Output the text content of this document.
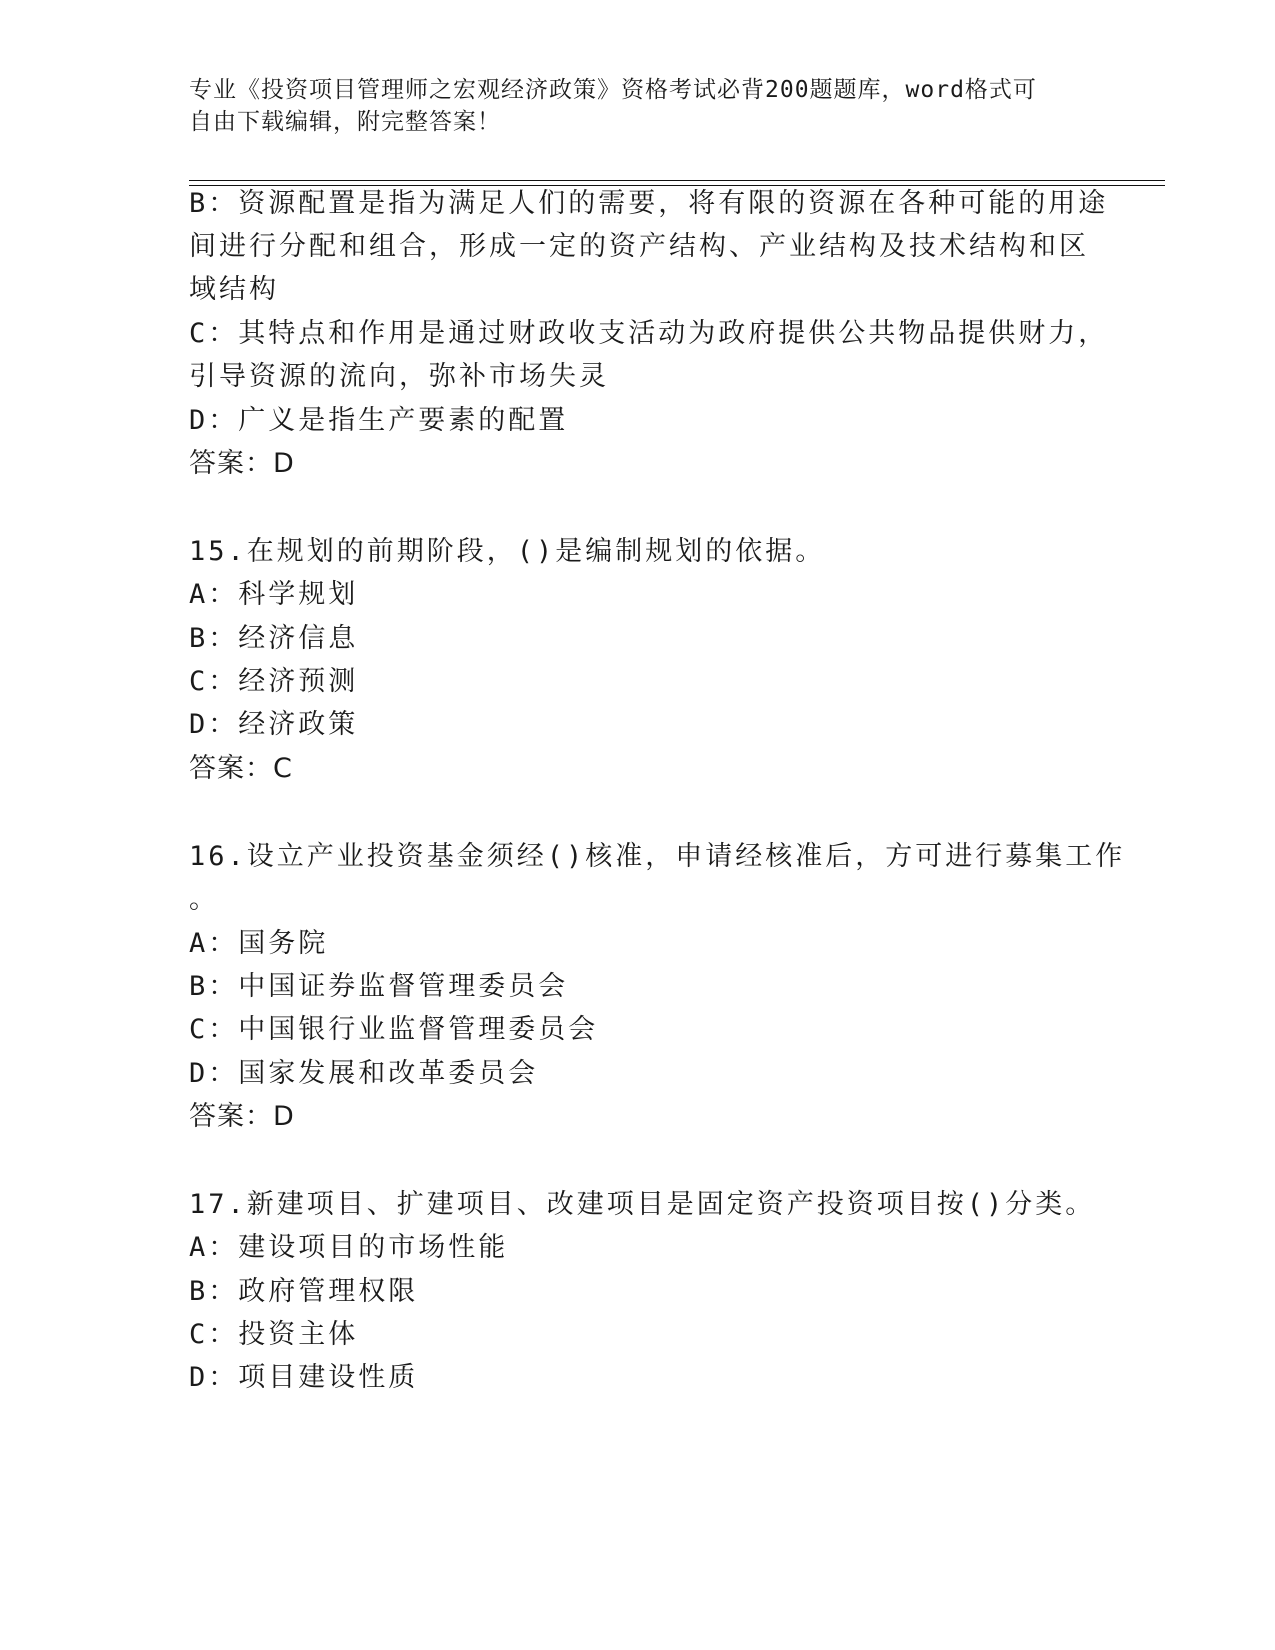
专业《投资项目管理师之宏观经济政策》资格考试必背200题题库，word格式可
自由下载编辑，附完整答案！
B：资源配置是指为满足人们的需要，将有限的资源在各种可能的用途
间进行分配和组合，形成一定的资产结构、产业结构及技术结构和区
域结构
C：其特点和作用是通过财政收支活动为政府提供公共物品提供财力，
引导资源的流向，弥补市场失灵
D：广义是指生产要素的配置
答案：D
15.在规划的前期阶段，()是编制规划的依据。
A：科学规划
B：经济信息
C：经济预测
D：经济政策
答案：C
16.设立产业投资基金须经()核准，申请经核准后，方可进行募集工作
。
A：国务院
B：中国证券监督管理委员会
C：中国银行业监督管理委员会
D：国家发展和改革委员会
答案：D
17.新建项目、扩建项目、改建项目是固定资产投资项目按()分类。
A：建设项目的市场性能
B：政府管理权限
C：投资主体
D：项目建设性质
